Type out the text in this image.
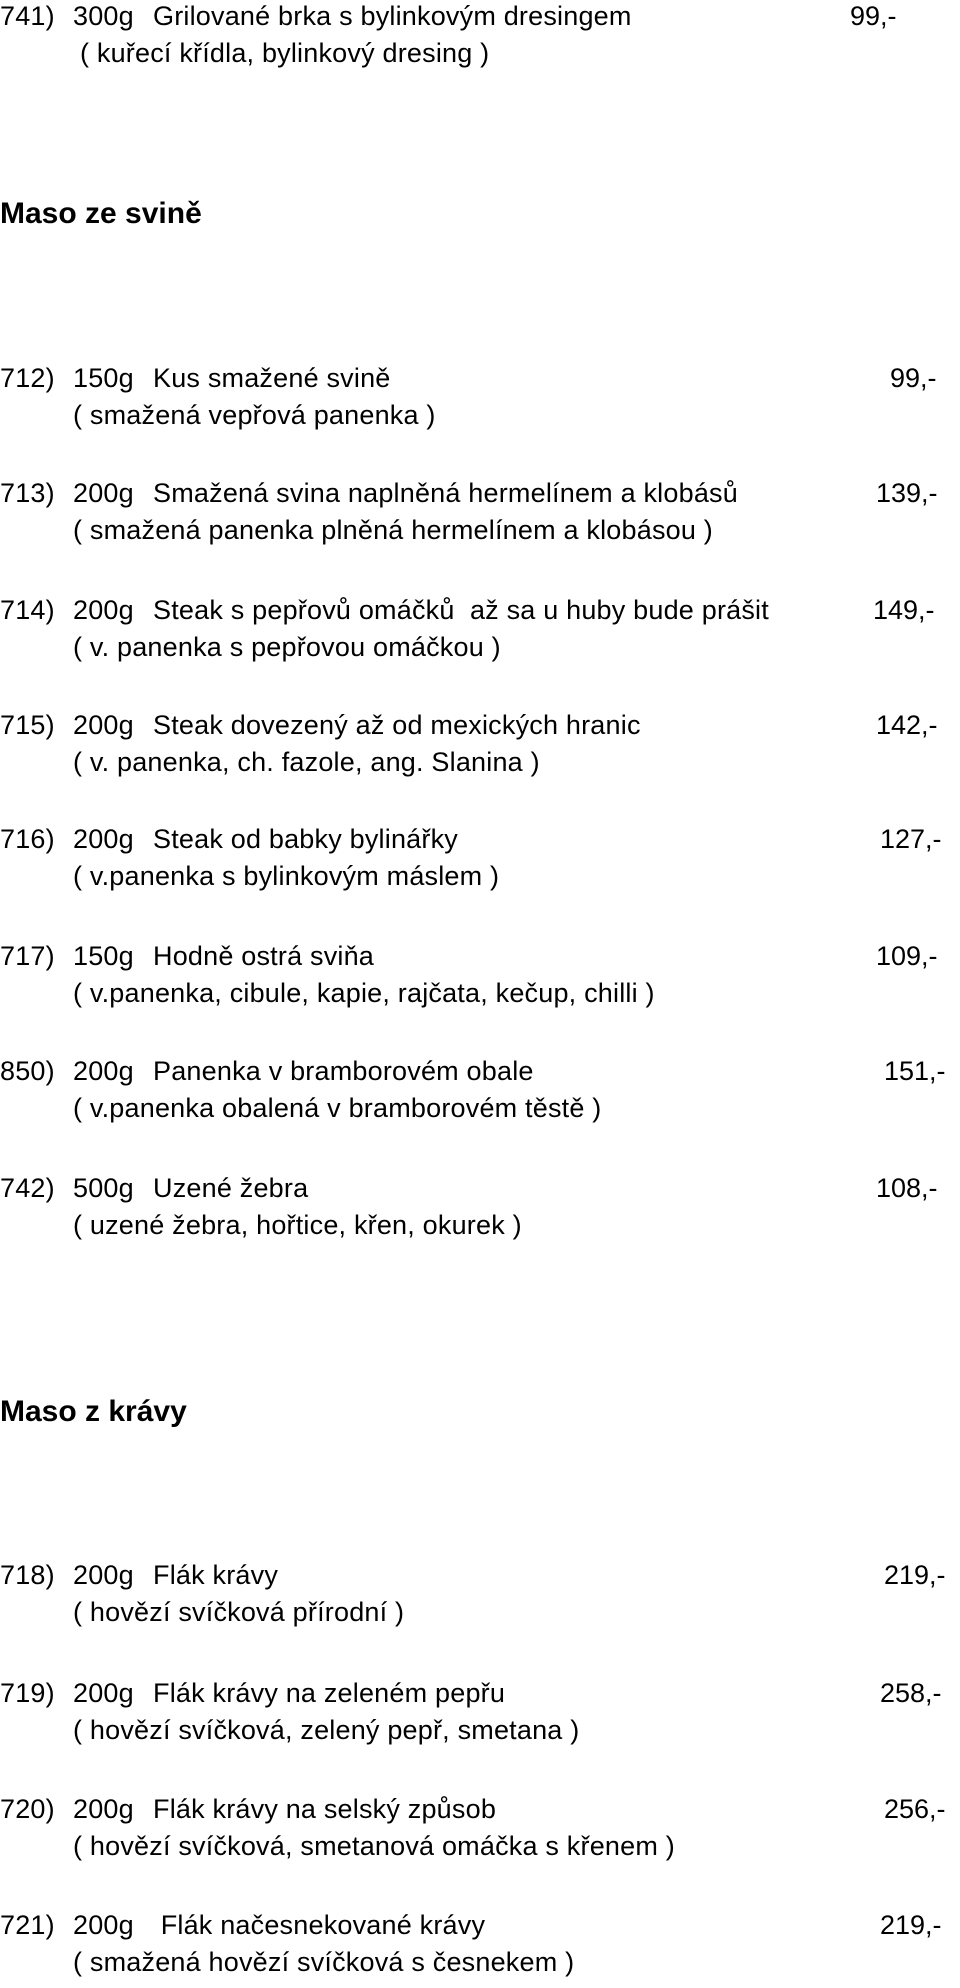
741) 300g Grilované brka s bylinkovým dresingem	99,-
( kuřecí křídla, bylinkový dresing )
Maso ze svině
712) 150g Kus smažené svině	99,-
( smažená vepřová panenka )
713) 200g Smažená svina naplněná hermelínem a klobásů	139,-
( smažená panenka plněná hermelínem a klobásou )
714) 200g Steak s pepřovů omáčků  až sa u huby bude prášit	149,-
( v. panenka s pepřovou omáčkou )
715) 200g Steak dovezený až od mexických hranic	142,-
( v. panenka, ch. fazole, ang. Slanina )
716) 200g Steak od babky bylinářky	127,-
( v.panenka s bylinkovým máslem )
717) 150g Hodně ostrá sviňa	109,-
( v.panenka, cibule, kapie, rajčata, kečup, chilli )
850) 200g Panenka v bramborovém obale	151,-
( v.panenka obalená v bramborovém těstě )
742) 500g Uzené žebra	108,-
( uzené žebra, hořtice, křen, okurek )
Maso z krávy
718) 200g Flák krávy	219,-
( hovězí svíčková přírodní )
719) 200g Flák krávy na zeleném pepřu	258,-
( hovězí svíčková, zelený pepř, smetana )
720) 200g Flák krávy na selský způsob	256,-
( hovězí svíčková, smetanová omáčka s křenem )
721) 200g Flák načesnekované krávy	219,-
( smažená hovězí svíčková s česnekem )
